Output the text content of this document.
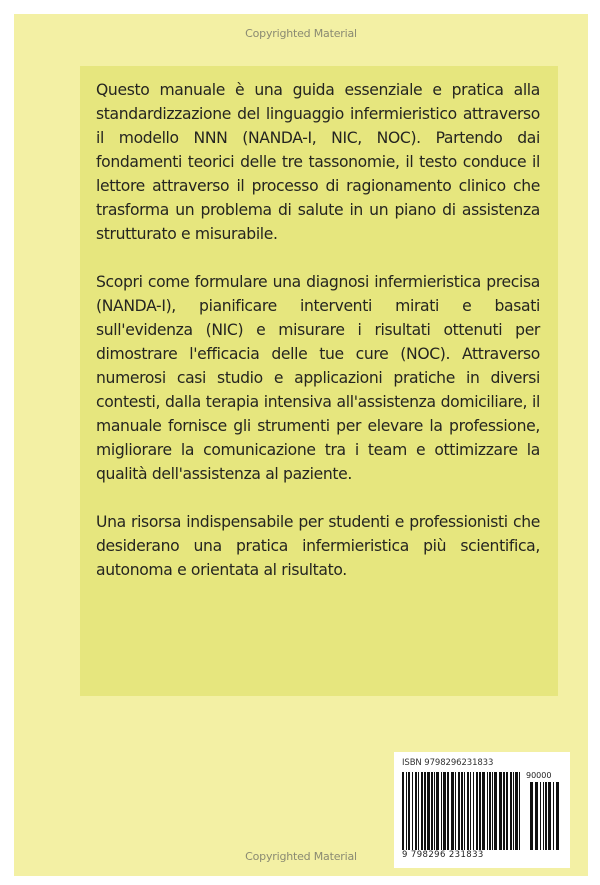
Copyrighted Material

Questo manuale è una guida essenziale e pratica alla standardizzazione del linguaggio infermieristico attraverso il modello NNN (NANDA-I, NIC, NOC). Partendo dai fondamenti teorici delle tre tassonomie, il testo conduce il lettore attraverso il processo di ragionamento clinico che trasforma un problema di salute in un piano di assistenza strutturato e misurabile.

Scopri come formulare una diagnosi infermieristica precisa (NANDA-I), pianificare interventi mirati e basati sull'evidenza (NIC) e misurare i risultati ottenuti per dimostrare l'efficacia delle tue cure (NOC). Attraverso numerosi casi studio e applicazioni pratiche in diversi contesti, dalla terapia intensiva all'assistenza domiciliare, il manuale fornisce gli strumenti per elevare la professione, migliorare la comunicazione tra i team e ottimizzare la qualità dell'assistenza al paziente.

Una risorsa indispensabile per studenti e professionisti che desiderano una pratica infermieristica più scientifica, autonoma e orientata al risultato.

ISBN 9798296231833
90000
9 798296 231833
Copyrighted Material
